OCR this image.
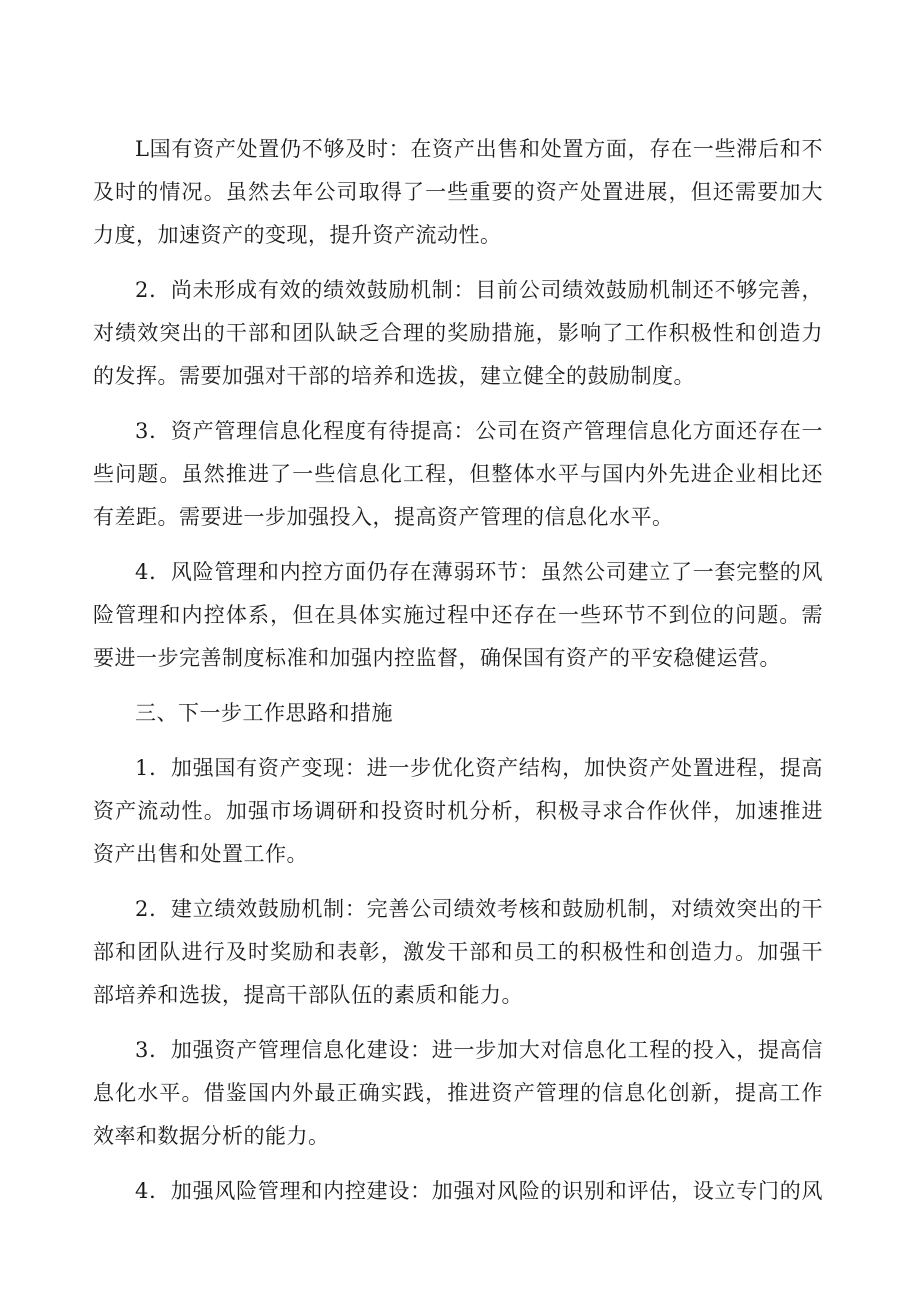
L国有资产处置仍不够及时：在资产出售和处置方面，存在一些滞后和不
及时的情况。虽然去年公司取得了一些重要的资产处置进展，但还需要加大
力度，加速资产的变现，提升资产流动性。
2．尚未形成有效的绩效鼓励机制：目前公司绩效鼓励机制还不够完善，
对绩效突出的干部和团队缺乏合理的奖励措施，影响了工作积极性和创造力
的发挥。需要加强对干部的培养和选拔，建立健全的鼓励制度。
3．资产管理信息化程度有待提高：公司在资产管理信息化方面还存在一
些问题。虽然推进了一些信息化工程，但整体水平与国内外先进企业相比还
有差距。需要进一步加强投入，提高资产管理的信息化水平。
4．风险管理和内控方面仍存在薄弱环节：虽然公司建立了一套完整的风
险管理和内控体系，但在具体实施过程中还存在一些环节不到位的问题。需
要进一步完善制度标准和加强内控监督，确保国有资产的平安稳健运营。
三、下一步工作思路和措施
1．加强国有资产变现：进一步优化资产结构，加快资产处置进程，提高
资产流动性。加强市场调研和投资时机分析，积极寻求合作伙伴，加速推进
资产出售和处置工作。
2．建立绩效鼓励机制：完善公司绩效考核和鼓励机制，对绩效突出的干
部和团队进行及时奖励和表彰，激发干部和员工的积极性和创造力。加强干
部培养和选拔，提高干部队伍的素质和能力。
3．加强资产管理信息化建设：进一步加大对信息化工程的投入，提高信
息化水平。借鉴国内外最正确实践，推进资产管理的信息化创新，提高工作
效率和数据分析的能力。
4．加强风险管理和内控建设：加强对风险的识别和评估，设立专门的风
